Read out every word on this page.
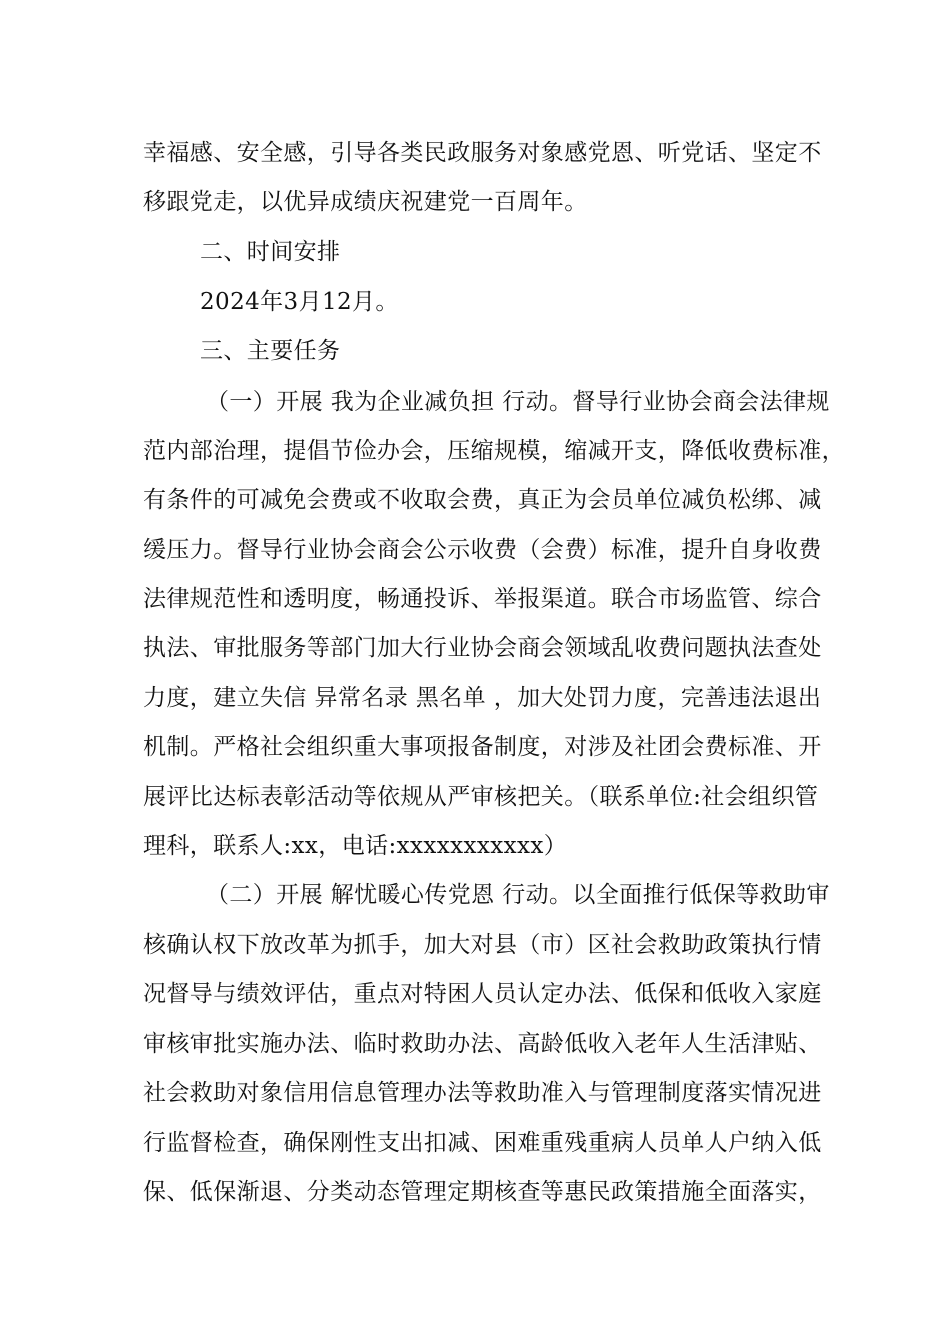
幸福感、安全感，引导各类民政服务对象感党恩、听党话、坚定不
移跟党走，以优异成绩庆祝建党一百周年。
二、时间安排
2024年3月12月。
三、主要任务
（一）开展 我为企业减负担 行动。督导行业协会商会法律规
范内部治理，提倡节俭办会，压缩规模，缩减开支，降低收费标准，
有条件的可减免会费或不收取会费，真正为会员单位减负松绑、减
缓压力。督导行业协会商会公示收费（会费）标准，提升自身收费
法律规范性和透明度，畅通投诉、举报渠道。联合市场监管、综合
执法、审批服务等部门加大行业协会商会领域乱收费问题执法查处
力度，建立失信 异常名录 黑名单 ，加大处罚力度，完善违法退出
机制。严格社会组织重大事项报备制度，对涉及社团会费标准、开
展评比达标表彰活动等依规从严审核把关。（联系单位:社会组织管
理科，联系人:xx，电话:xxxxxxxxxxx）
（二）开展 解忧暖心传党恩 行动。以全面推行低保等救助审
核确认权下放改革为抓手，加大对县（市）区社会救助政策执行情
况督导与绩效评估，重点对特困人员认定办法、低保和低收入家庭
审核审批实施办法、临时救助办法、高龄低收入老年人生活津贴、
社会救助对象信用信息管理办法等救助准入与管理制度落实情况进
行监督检查，确保刚性支出扣减、困难重残重病人员单人户纳入低
保、低保渐退、分类动态管理定期核查等惠民政策措施全面落实，
